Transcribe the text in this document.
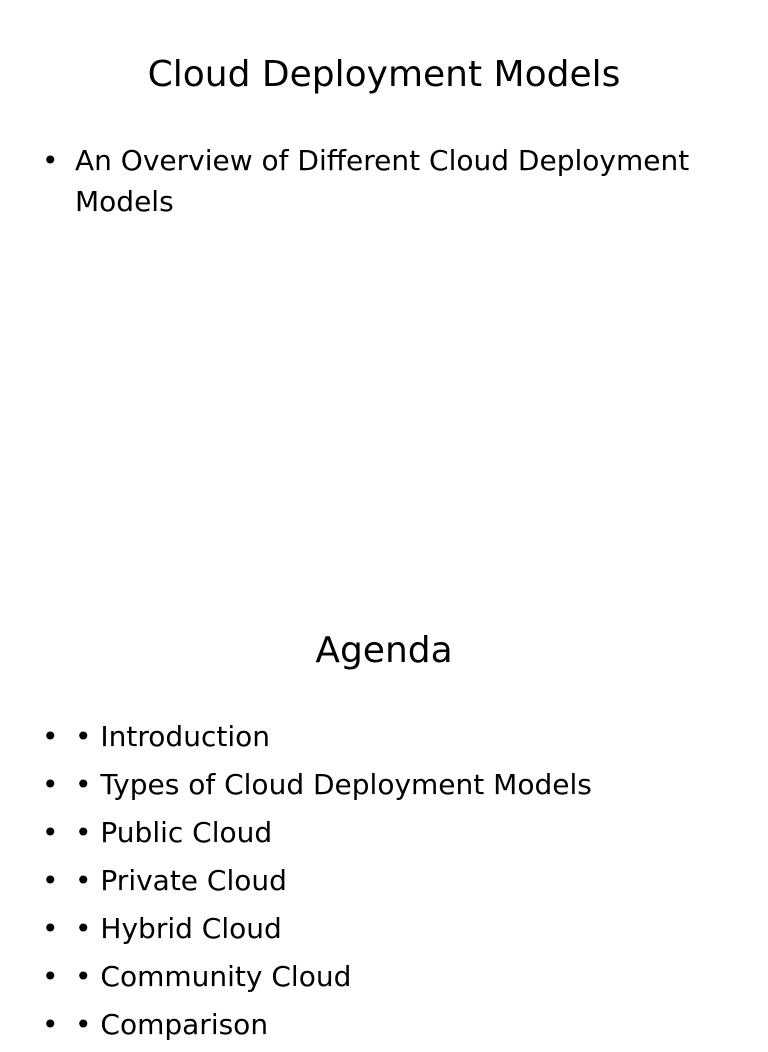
Cloud Deployment Models
• An Overview of Different Cloud Deployment Models
Agenda
• • Introduction
• • Types of Cloud Deployment Models
• • Public Cloud
• • Private Cloud
• • Hybrid Cloud
• • Community Cloud
• • Comparison
